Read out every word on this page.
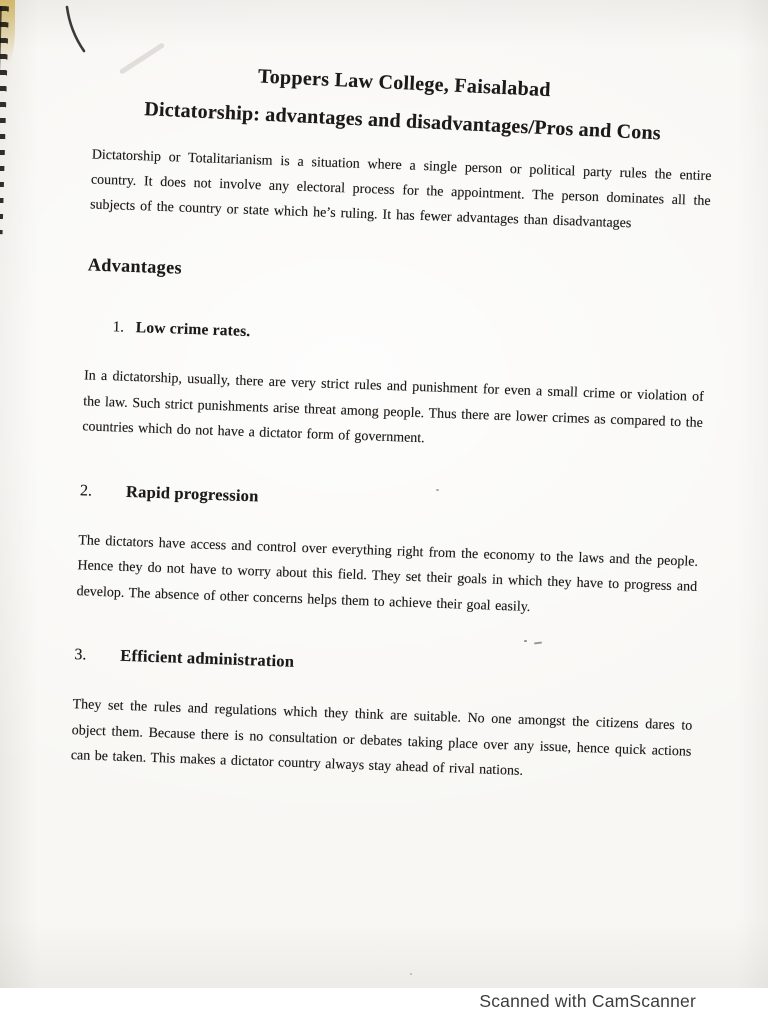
Toppers Law College, Faisalabad
Dictatorship: advantages and disadvantages/Pros and Cons

Dictatorship or Totalitarianism is a situation where a single person or political party rules the entire country. It does not involve any electoral process for the appointment. The person dominates all the subjects of the country or state which he’s ruling. It has fewer advantages than disadvantages

Advantages
1. Low crime rates.

In a dictatorship, usually, there are very strict rules and punishment for even a small crime or violation of the law. Such strict punishments arise threat among people. Thus there are lower crimes as compared to the countries which do not have a dictator form of government.

2.	Rapid progression

The dictators have access and control over everything right from the economy to the laws and the people. Hence they do not have to worry about this field. They set their goals in which they have to progress and develop. The absence of other concerns helps them to achieve their goal easily.

3.	Efficient administration

They set the rules and regulations which they think are suitable. No one amongst the citizens dares to object them. Because there is no consultation or debates taking place over any issue, hence quick actions can be taken. This makes a dictator country always stay ahead of rival nations.

Scanned with CamScanner
